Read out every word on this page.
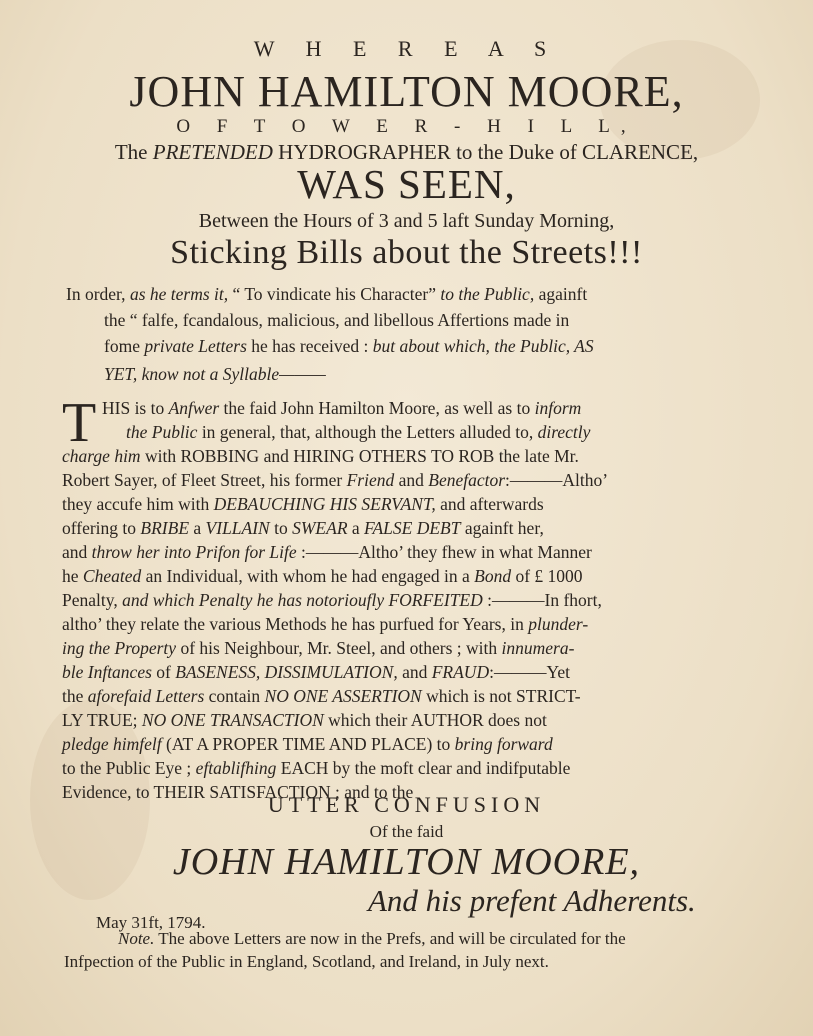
W H E R E A S
JOHN HAMILTON MOORE,
O F T O W E R - H I L L,
The PRETENDED HYDROGRAPHER to the Duke of CLARENCE,
WAS SEEN,
Between the Hours of 3 and 5 laft Sunday Morning,
Sticking Bills about the Streets!!!
In order, as he terms it, “ To vindicate his Character” to the Public, againft
the “ falfe, fcandalous, malicious, and libellous Affertions made in
fome private Letters he has received : but about which, the Public, AS
YET, know not a Syllable———
T HIS is to Anfwer the faid John Hamilton Moore, as well as to inform
the Public in general, that, although the Letters alluded to, directly
charge him with ROBBING and HIRING OTHERS TO ROB the late Mr.
Robert Sayer, of Fleet Street, his former Friend and Benefactor:———Altho’
they accufe him with DEBAUCHING HIS SERVANT, and afterwards
offering to BRIBE a VILLAIN to SWEAR a FALSE DEBT againft her,
and throw her into Prifon for Life :———Altho’ they fhew in what Manner
he Cheated an Individual, with whom he had engaged in a Bond of £ 1000
Penalty, and which Penalty he has notorioufly FORFEITED :———In fhort,
altho’ they relate the various Methods he has purfued for Years, in plunder-
ing the Property of his Neighbour, Mr. Steel, and others ; with innumera-
ble Inftances of BASENESS, DISSIMULATION, and FRAUD:———Yet
the aforefaid Letters contain NO ONE ASSERTION which is not STRICT-
LY TRUE; NO ONE TRANSACTION which their AUTHOR does not
pledge himfelf (AT A PROPER TIME AND PLACE) to bring forward
to the Public Eye ; eftablifhing EACH by the moft clear and indifputable
Evidence, to THEIR SATISFACTION ; and to the
UTTER CONFUSION
Of the faid
JOHN HAMILTON MOORE,
And his prefent Adherents.
May 31ft, 1794.
Note. The above Letters are now in the Prefs, and will be circulated for the
Infpection of the Public in England, Scotland, and Ireland, in July next.
